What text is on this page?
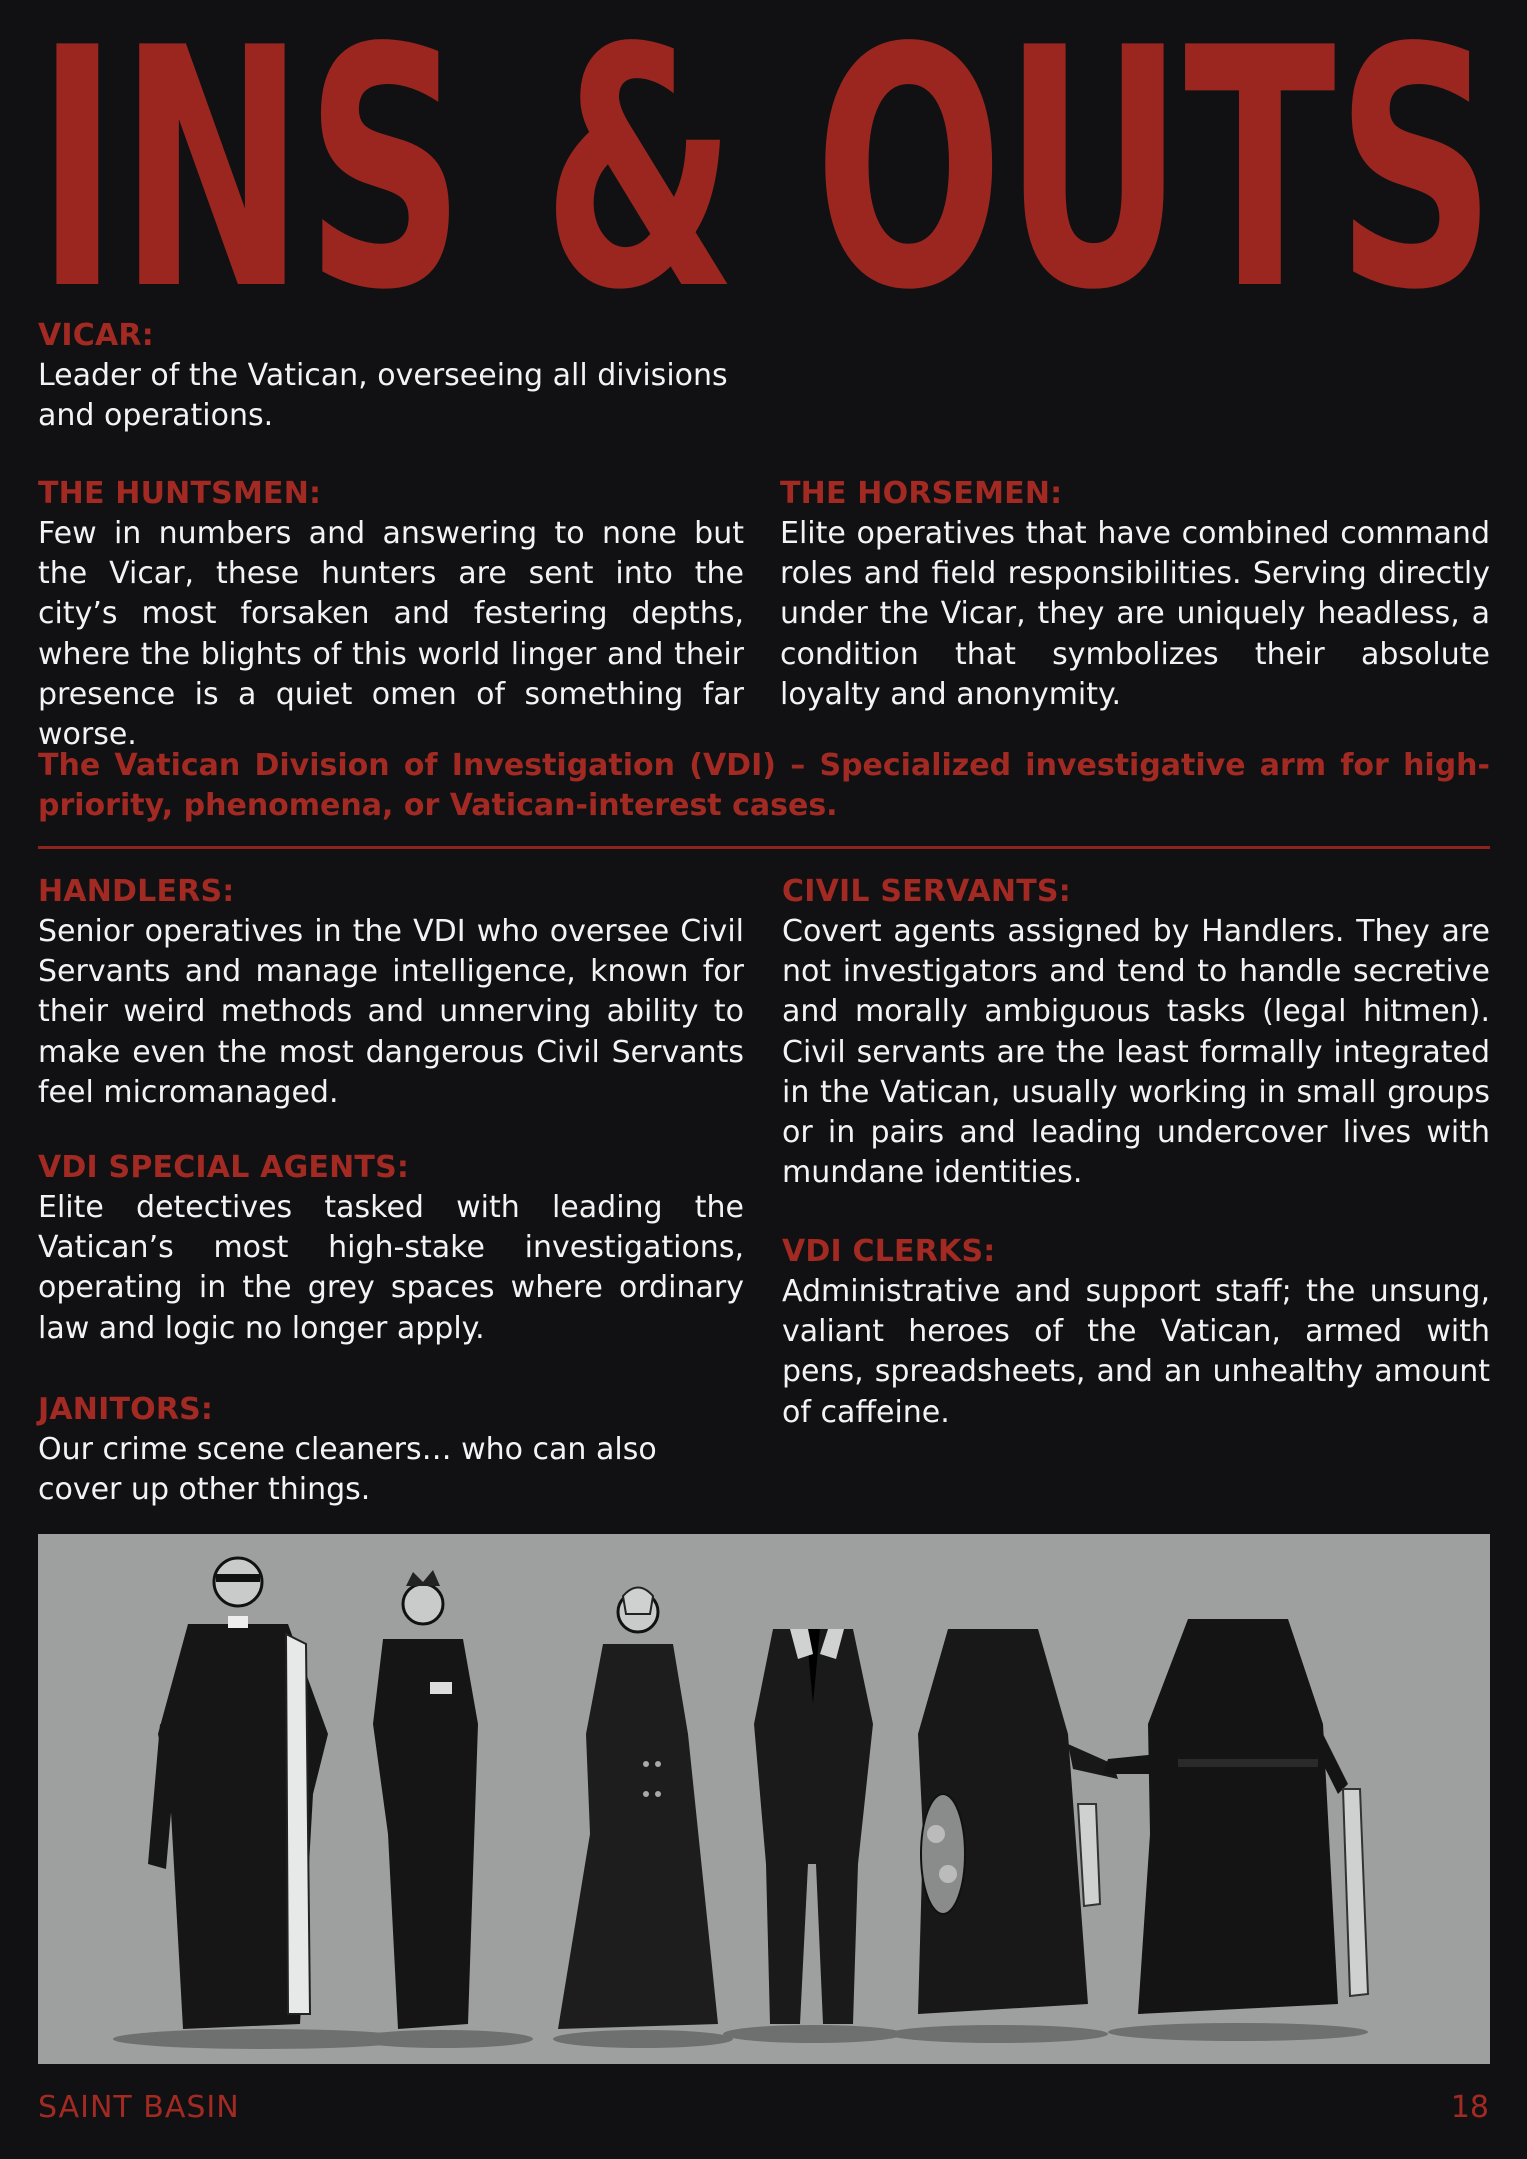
INS & OUTS

VICAR:

Leader of the Vatican, overseeing all divisions and operations.

THE HUNTSMEN:

Few in numbers and answering to none but the Vicar, these hunters are sent into the city’s most forsaken and festering depths, where the blights of this world linger and their presence is a quiet omen of something far worse.

THE HORSEMEN:

Elite operatives that have combined command roles and field responsibilities. Serving directly under the Vicar, they are uniquely headless, a condition that symbolizes their absolute loyalty and anonymity.

The Vatican Division of Investigation (VDI) – Specialized investigative arm for high-priority, phenomena, or Vatican-interest cases.

HANDLERS:

Senior operatives in the VDI who oversee Civil Servants and manage intelligence, known for their weird methods and unnerving ability to make even the most dangerous Civil Servants feel micromanaged.

CIVIL SERVANTS:

Covert agents assigned by Handlers. They are not investigators and tend to handle secretive and morally ambiguous tasks (legal hitmen). Civil servants are the least formally integrated in the Vatican, usually working in small groups or in pairs and leading undercover lives with mundane identities.

VDI SPECIAL AGENTS:

Elite detectives tasked with leading the Vatican’s most high-stake investigations, operating in the grey spaces where ordinary law and logic no longer apply.

VDI CLERKS:

Administrative and support staff; the unsung, valiant heroes of the Vatican, armed with pens, spreadsheets, and an unhealthy amount of caffeine.

JANITORS:

Our crime scene cleaners… who can also cover up other things.

SAINT BASIN	18
